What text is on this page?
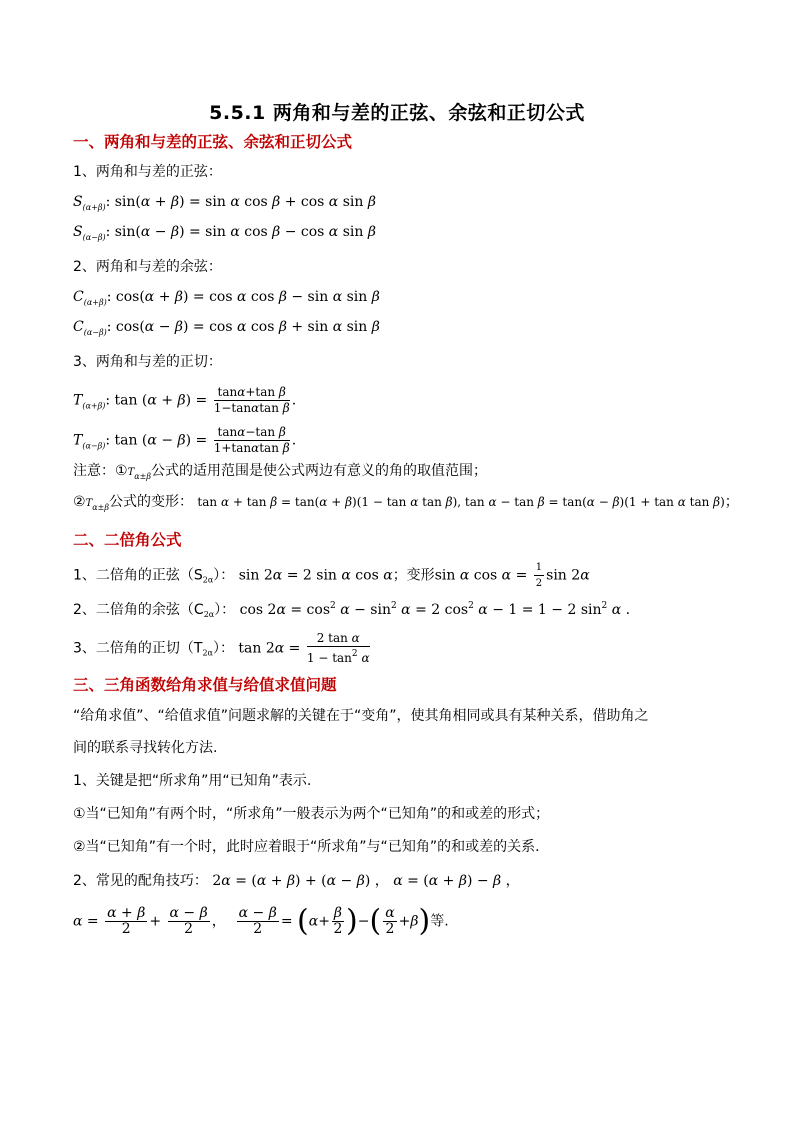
5.5.1 两角和与差的正弦、余弦和正切公式
一、两角和与差的正弦、余弦和正切公式
1、两角和与差的正弦：
$S_{(\alpha+\beta)}$: sin(α + β) = sin α cos β + cos α sin β
$S_{(\alpha-\beta)}$: sin(α − β) = sin α cos β − cos α sin β
2、两角和与差的余弦：
$C_{(\alpha+\beta)}$: cos(α + β) = cos α cos β − sin α sin β
$C_{(\alpha-\beta)}$: cos(α − β) = cos α cos β + sin α sin β
3、两角和与差的正切：
$T_{(\alpha+\beta)}$: $\tan (\alpha + \beta) = \frac{\text{tanα+tan β}}{\text{1−tanαtan β}}$ .
$T_{(\alpha-\beta)}$: $\tan (\alpha - \beta) = \frac{\text{tanα−tan β}}{\text{1+tanαtan β}}$ .
注意：$①T_{\alpha\pm\beta}$公式的适用范围是使公式两边有意义的角的取值范围；
$②T_{\alpha\pm\beta}$公式的变形： tan α + tan β = tan(α + β)(1 − tan α tan β), tan α − tan β = tan(α − β)(1 + tan α tan β)；
二、二倍角公式
1、二倍角的正弦$(S_{2\alpha})$： sin 2α = 2 sin α cos α；变形sin α $\cos \alpha = \frac{1}{2}$ sin 2α
2、二倍角的余弦$(C_{2\alpha})$： $\cos 2\alpha = \cos^2 \alpha - \sin^2 \alpha = 2$ $\cos^2 \alpha - 1 = 1 - 2$ $\sin^2 \alpha$ .
3、二倍角的正切$(T_{2\alpha})$： $\tan 2\alpha = \frac{\text{2 tan α}}{1 - \tan^2 \alpha}$
三、三角函数给角求值与给值求值问题
“给角求值”、“给值求值”问题求解的关键在于“变角”，使其角相同或具有某种关系，借助角之
间的联系寻找转化方法.
1、关键是把“所求角”用“已知角”表示.
①当“已知角”有两个时，“所求角”一般表示为两个“已知角”的和或差的形式；
②当“已知角”有一个时，此时应着眼于“所求角”与“已知角”的和或差的关系.
2、常见的配角技巧： 2α = (α + β) + (α − β) ， α = (α + β) − β ，
$\alpha = \frac{\alpha + \beta}{2} + \frac{\alpha - \beta}{2}$ ， $\frac{\alpha - \beta}{2} = (\alpha+ \frac{\beta}{2}$ )−( $\frac{\alpha}{2} +\beta$)等.
